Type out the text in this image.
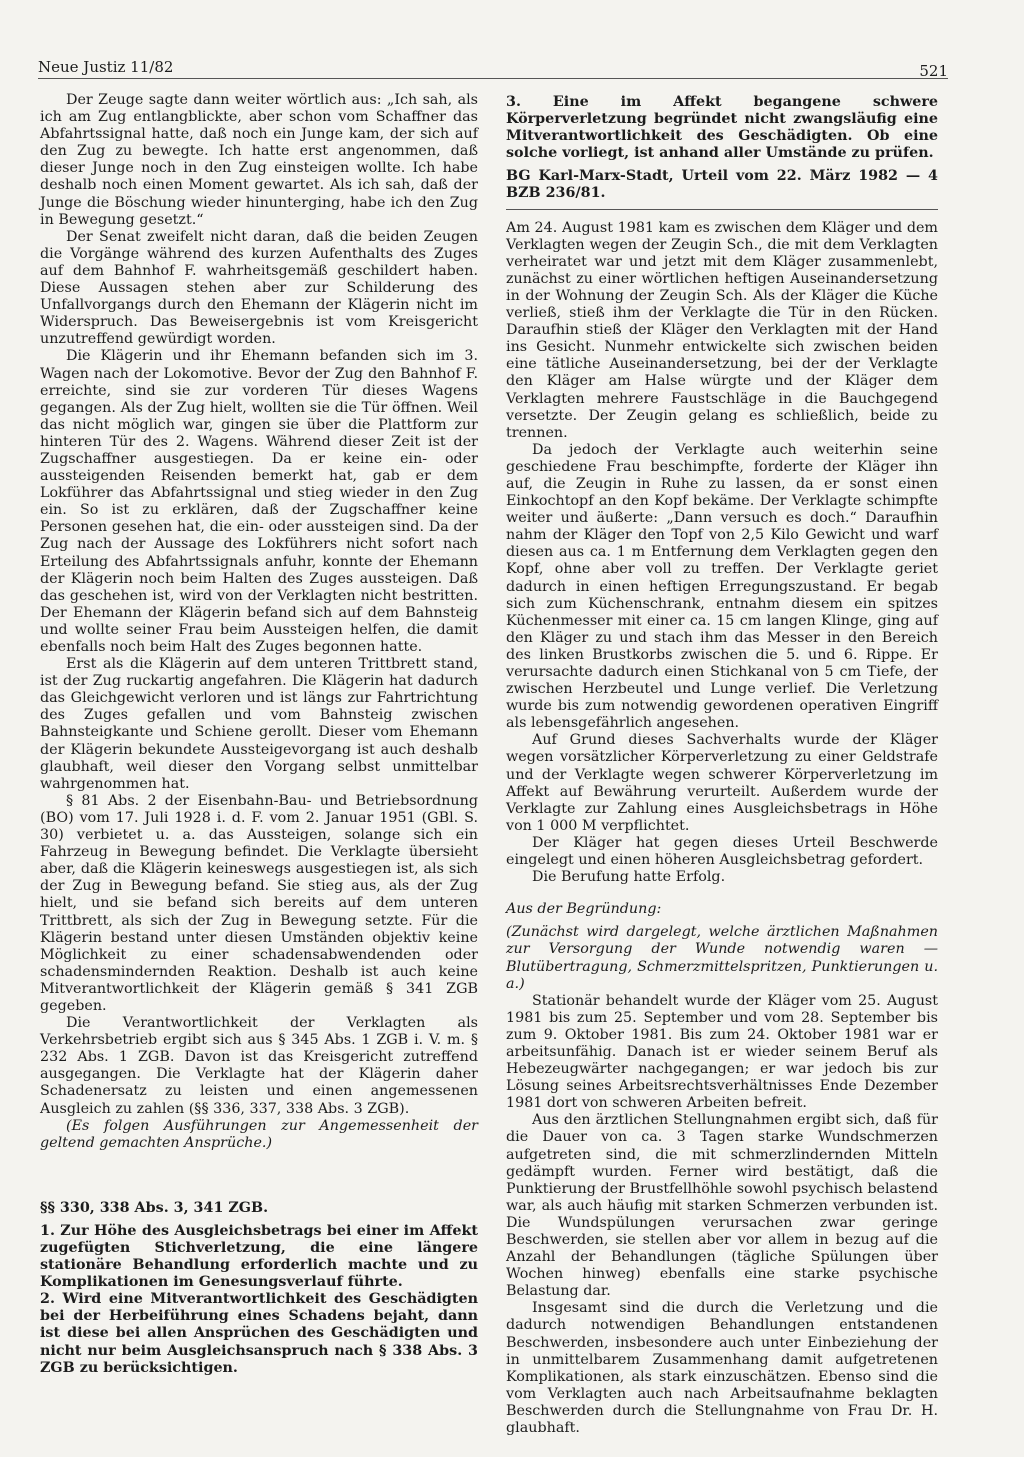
Neue Justiz 11/82	521

Der Zeuge sagte dann weiter wörtlich aus: „Ich sah, als ich am Zug entlangblickte, aber schon vom Schaffner das Abfahrtssignal hatte, daß noch ein Junge kam, der sich auf den Zug zu bewegte. Ich hatte erst angenommen, daß dieser Junge noch in den Zug einsteigen wollte. Ich habe deshalb noch einen Moment gewartet. Als ich sah, daß der Junge die Böschung wieder hinunterging, habe ich den Zug in Bewegung gesetzt.“

Der Senat zweifelt nicht daran, daß die beiden Zeugen die Vorgänge während des kurzen Aufenthalts des Zuges auf dem Bahnhof F. wahrheitsgemäß geschildert haben. Diese Aussagen stehen aber zur Schilderung des Unfallvorgangs durch den Ehemann der Klägerin nicht im Widerspruch. Das Beweisergebnis ist vom Kreisgericht unzutreffend gewürdigt worden.

Die Klägerin und ihr Ehemann befanden sich im 3. Wagen nach der Lokomotive. Bevor der Zug den Bahnhof F. erreichte, sind sie zur vorderen Tür dieses Wagens gegangen. Als der Zug hielt, wollten sie die Tür öffnen. Weil das nicht möglich war, gingen sie über die Plattform zur hinteren Tür des 2. Wagens. Während dieser Zeit ist der Zugschaffner ausgestiegen. Da er keine ein- oder aussteigenden Reisenden bemerkt hat, gab er dem Lokführer das Abfahrtssignal und stieg wieder in den Zug ein. So ist zu erklären, daß der Zugschaffner keine Personen gesehen hat, die ein- oder aussteigen sind. Da der Zug nach der Aussage des Lokführers nicht sofort nach Erteilung des Abfahrtssignals anfuhr, konnte der Ehemann der Klägerin noch beim Halten des Zuges aussteigen. Daß das geschehen ist, wird von der Verklagten nicht bestritten. Der Ehemann der Klägerin befand sich auf dem Bahnsteig und wollte seiner Frau beim Aussteigen helfen, die damit ebenfalls noch beim Halt des Zuges begonnen hatte.

Erst als die Klägerin auf dem unteren Trittbrett stand, ist der Zug ruckartig angefahren. Die Klägerin hat dadurch das Gleichgewicht verloren und ist längs zur Fahrtrichtung des Zuges gefallen und vom Bahnsteig zwischen Bahnsteigkante und Schiene gerollt. Dieser vom Ehemann der Klägerin bekundete Aussteigevorgang ist auch deshalb glaubhaft, weil dieser den Vorgang selbst unmittelbar wahrgenommen hat.

§ 81 Abs. 2 der Eisenbahn-Bau- und Betriebsordnung (BO) vom 17. Juli 1928 i. d. F. vom 2. Januar 1951 (GBl. S. 30) verbietet u. a. das Aussteigen, solange sich ein Fahrzeug in Bewegung befindet. Die Verklagte übersieht aber, daß die Klägerin keineswegs ausgestiegen ist, als sich der Zug in Bewegung befand. Sie stieg aus, als der Zug hielt, und sie befand sich bereits auf dem unteren Trittbrett, als sich der Zug in Bewegung setzte. Für die Klägerin bestand unter diesen Umständen objektiv keine Möglichkeit zu einer schadensabwendenden oder schadensmindernden Reaktion. Deshalb ist auch keine Mitverantwortlichkeit der Klägerin gemäß § 341 ZGB gegeben.

Die Verantwortlichkeit der Verklagten als Verkehrsbetrieb ergibt sich aus § 345 Abs. 1 ZGB i. V. m. § 232 Abs. 1 ZGB. Davon ist das Kreisgericht zutreffend ausgegangen. Die Verklagte hat der Klägerin daher Schadenersatz zu leisten und einen angemessenen Ausgleich zu zahlen (§§ 336, 337, 338 Abs. 3 ZGB).

(Es folgen Ausführungen zur Angemessenheit der geltend gemachten Ansprüche.)

§§ 330, 338 Abs. 3, 341 ZGB.

1. Zur Höhe des Ausgleichsbetrags bei einer im Affekt zugefügten Stichverletzung, die eine längere stationäre Behandlung erforderlich machte und zu Komplikationen im Genesungsverlauf führte.

2. Wird eine Mitverantwortlichkeit des Geschädigten bei der Herbeiführung eines Schadens bejaht, dann ist diese bei allen Ansprüchen des Geschädigten und nicht nur beim Ausgleichsanspruch nach § 338 Abs. 3 ZGB zu berücksichtigen.

3. Eine im Affekt begangene schwere Körperverletzung begründet nicht zwangsläufig eine Mitverantwortlichkeit des Geschädigten. Ob eine solche vorliegt, ist anhand aller Umstände zu prüfen.

BG Karl-Marx-Stadt, Urteil vom 22. März 1982 — 4 BZB 236/81.

Am 24. August 1981 kam es zwischen dem Kläger und dem Verklagten wegen der Zeugin Sch., die mit dem Verklagten verheiratet war und jetzt mit dem Kläger zusammenlebt, zunächst zu einer wörtlichen heftigen Auseinandersetzung in der Wohnung der Zeugin Sch. Als der Kläger die Küche verließ, stieß ihm der Verklagte die Tür in den Rücken. Daraufhin stieß der Kläger den Verklagten mit der Hand ins Gesicht. Nunmehr entwickelte sich zwischen beiden eine tätliche Auseinandersetzung, bei der der Verklagte den Kläger am Halse würgte und der Kläger dem Verklagten mehrere Faustschläge in die Bauchgegend versetzte. Der Zeugin gelang es schließlich, beide zu trennen.

Da jedoch der Verklagte auch weiterhin seine geschiedene Frau beschimpfte, forderte der Kläger ihn auf, die Zeugin in Ruhe zu lassen, da er sonst einen Einkochtopf an den Kopf bekäme. Der Verklagte schimpfte weiter und äußerte: „Dann versuch es doch.“ Daraufhin nahm der Kläger den Topf von 2,5 Kilo Gewicht und warf diesen aus ca. 1 m Entfernung dem Verklagten gegen den Kopf, ohne aber voll zu treffen. Der Verklagte geriet dadurch in einen heftigen Erregungszustand. Er begab sich zum Küchenschrank, entnahm diesem ein spitzes Küchenmesser mit einer ca. 15 cm langen Klinge, ging auf den Kläger zu und stach ihm das Messer in den Bereich des linken Brustkorbs zwischen die 5. und 6. Rippe. Er verursachte dadurch einen Stichkanal von 5 cm Tiefe, der zwischen Herzbeutel und Lunge verlief. Die Verletzung wurde bis zum notwendig gewordenen operativen Eingriff als lebensgefährlich angesehen.

Auf Grund dieses Sachverhalts wurde der Kläger wegen vorsätzlicher Körperverletzung zu einer Geldstrafe und der Verklagte wegen schwerer Körperverletzung im Affekt auf Bewährung verurteilt. Außerdem wurde der Verklagte zur Zahlung eines Ausgleichsbetrags in Höhe von 1 000 M verpflichtet.

Der Kläger hat gegen dieses Urteil Beschwerde eingelegt und einen höheren Ausgleichsbetrag gefordert.

Die Berufung hatte Erfolg.

Aus der Begründung:

(Zunächst wird dargelegt, welche ärztlichen Maßnahmen zur Versorgung der Wunde notwendig waren — Blutübertragung, Schmerzmittelspritzen, Punktierungen u. a.)

Stationär behandelt wurde der Kläger vom 25. August 1981 bis zum 25. September und vom 28. September bis zum 9. Oktober 1981. Bis zum 24. Oktober 1981 war er arbeitsunfähig. Danach ist er wieder seinem Beruf als Hebezeugwärter nachgegangen; er war jedoch bis zur Lösung seines Arbeitsrechtsverhältnisses Ende Dezember 1981 dort von schweren Arbeiten befreit.

Aus den ärztlichen Stellungnahmen ergibt sich, daß für die Dauer von ca. 3 Tagen starke Wundschmerzen aufgetreten sind, die mit schmerzlindernden Mitteln gedämpft wurden. Ferner wird bestätigt, daß die Punktierung der Brustfellhöhle sowohl psychisch belastend war, als auch häufig mit starken Schmerzen verbunden ist. Die Wundspülungen verursachen zwar geringe Beschwerden, sie stellen aber vor allem in bezug auf die Anzahl der Behandlungen (tägliche Spülungen über Wochen hinweg) ebenfalls eine starke psychische Belastung dar.

Insgesamt sind die durch die Verletzung und die dadurch notwendigen Behandlungen entstandenen Beschwerden, insbesondere auch unter Einbeziehung der in unmittelbarem Zusammenhang damit aufgetretenen Komplikationen, als stark einzuschätzen. Ebenso sind die vom Verklagten auch nach Arbeitsaufnahme beklagten Beschwerden durch die Stellungnahme von Frau Dr. H. glaubhaft.
